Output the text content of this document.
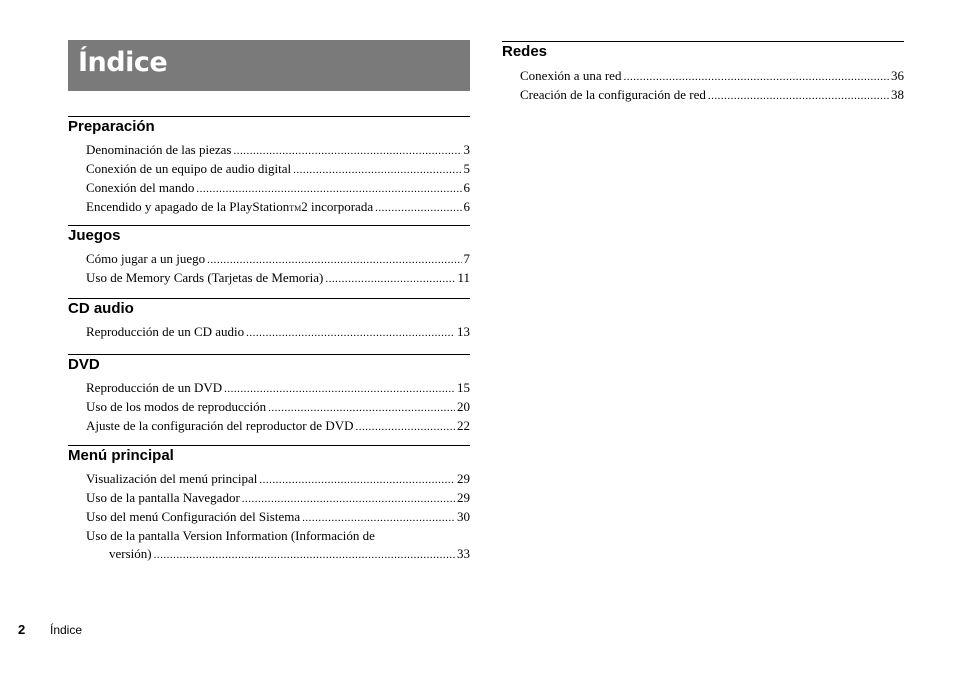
Índice
Preparación
Denominación de las piezas .....	3
Conexión de un equipo de audio digital .....	5
Conexión del mando .....	6
Encendido y apagado de la PlayStationTM2 incorporada .....	6
Juegos
Cómo jugar a un juego .....	7
Uso de Memory Cards (Tarjetas de Memoria) .....	11
CD audio
Reproducción de un CD audio .....	13
DVD
Reproducción de un DVD .....	15
Uso de los modos de reproducción .....	20
Ajuste de la configuración del reproductor de DVD .....	22
Menú principal
Visualización del menú principal .....	29
Uso de la pantalla Navegador .....	29
Uso del menú Configuración del Sistema .....	30
Uso de la pantalla Version Information (Información de
versión) .....	33
Redes
Conexión a una red .....	36
Creación de la configuración de red .....	38
2 Índice
